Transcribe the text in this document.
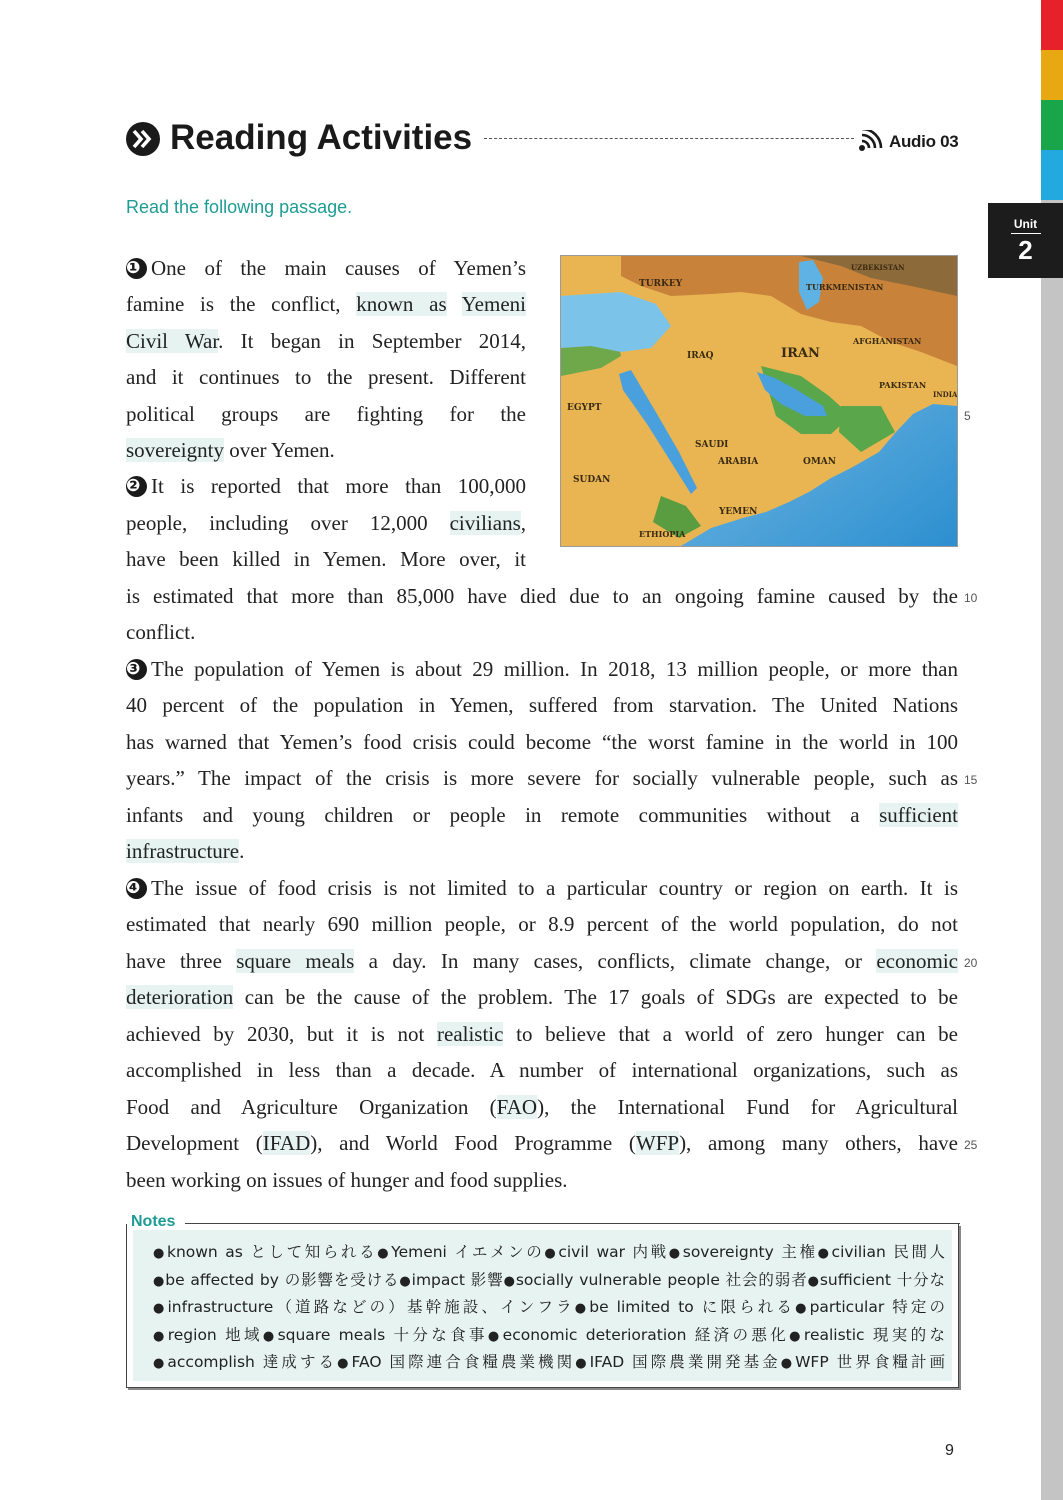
Unit
2
Reading Activities	Audio 03
Read the following passage.
TURKEY
UZBEKISTAN
TURKMENISTAN
IRAQ	IRAN
AFGHANISTAN
PAKISTAN
INDIA
EGYPT
SAUDI
ARABIA	OMAN
SUDAN
YEMEN
ETHIOPIA
❶ One of the main causes of Yemen’s
famine is the conflict, known as Yemeni
Civil War. It began in September 2014,
and it continues to the present. Different
political groups are fighting for the
sovereignty over Yemen.
❷ It is reported that more than 100,000
people, including over 12,000 civilians,
have been killed in Yemen. More over, it
is estimated that more than 85,000 have died due to an ongoing famine caused by the
conflict.
❸ The population of Yemen is about 29 million. In 2018, 13 million people, or more than
40 percent of the population in Yemen, suffered from starvation. The United Nations
has warned that Yemen’s food crisis could become “the worst famine in the world in 100
years.” The impact of the crisis is more severe for socially vulnerable people, such as
infants and young children or people in remote communities without a sufficient
infrastructure.
❹ The issue of food crisis is not limited to a particular country or region on earth. It is
estimated that nearly 690 million people, or 8.9 percent of the world population, do not
have three square meals a day. In many cases, conflicts, climate change, or economic
deterioration can be the cause of the problem. The 17 goals of SDGs are expected to be
achieved by 2030, but it is not realistic to believe that a world of zero hunger can be
accomplished in less than a decade. A number of international organizations, such as
Food and Agriculture Organization (FAO), the International Fund for Agricultural
Development (IFAD), and World Food Programme (WFP), among many others, have
been working on issues of hunger and food supplies.
5
10
15
20
25
Notes
●known as として知られる●Yemeni イエメンの●civil war 内戦●sovereignty 主権●civilian 民間人
●be affected by の影響を受ける●impact 影響●socially vulnerable people 社会的弱者●sufficient 十分な
●infrastructure（道路などの）基幹施設、インフラ●be limited to に限られる●particular 特定の
●region 地域●square meals 十分な食事●economic deterioration 経済の悪化●realistic 現実的な
●accomplish 達成する●FAO 国際連合食糧農業機関●IFAD 国際農業開発基金●WFP 世界食糧計画
9
